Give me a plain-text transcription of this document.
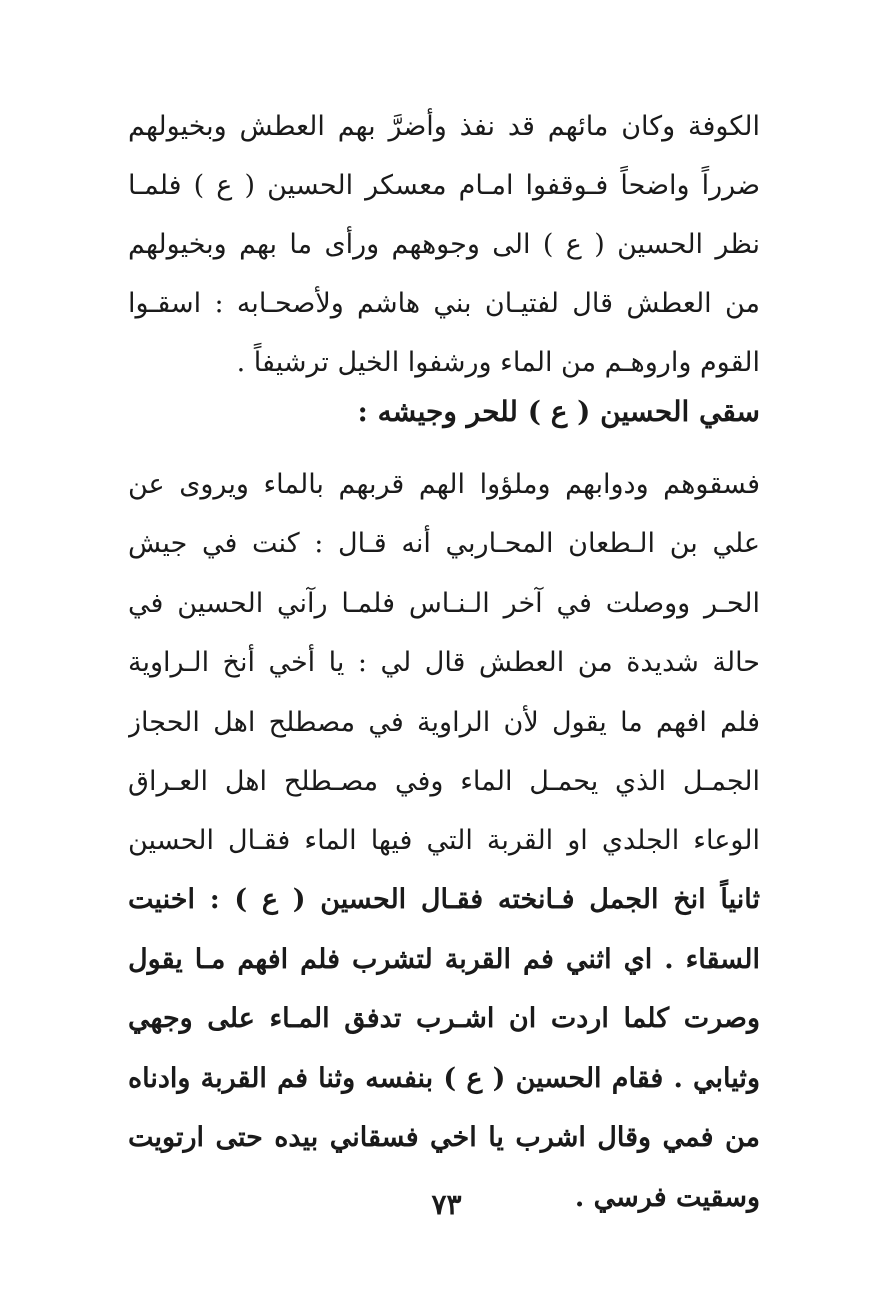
الكوفة وكان مائهم قد نفذ وأضرَّ بهم العطش وبخيولهم
ضرراً واضحاً فـوقفوا امـام معسكر الحسين ( ع ) فلمـا
نظر الحسين ( ع ) الى وجوههم ورأى ما بهم وبخيولهم
من العطش قال لفتيـان بني هاشم ولأصحـابه : اسقـوا
القوم واروهـم من الماء ورشفوا الخيل ترشيفاً .
سقي الحسين ( ع ) للحر وجيشه :
فسقوهم ودوابهم وملؤوا الهم قربهم بالماء ويروى عن
علي بن الـطعان المحـاربي أنه قـال : كنت في جيش
الحـر ووصلت في آخر الـنـاس فلمـا رآني الحسين في
حالة شديدة من العطش قال لي : يا أخي أنخ الـراوية
فلم افهم ما يقول لأن الراوية في مصطلح اهل الحجاز
الجمـل الذي يحمـل الماء وفي مصـطلح اهل العـراق
الوعاء الجلدي او القربة التي فيها الماء فقـال الحسين
ثانياً انخ الجمل فـانخته فقـال الحسين ( ع ) : اخنيت
السقاء . اي اثني فم القربة لتشرب فلم افهم مـا يقول
وصرت كلما اردت ان اشـرب تدفق المـاء على وجهي
وثيابي . فقام الحسين ( ع ) بنفسه وثنا فم القربة وادناه
من فمي وقال اشرب يا اخي فسقاني بيده حتى ارتويت
وسقيت فرسي .
٧٣
